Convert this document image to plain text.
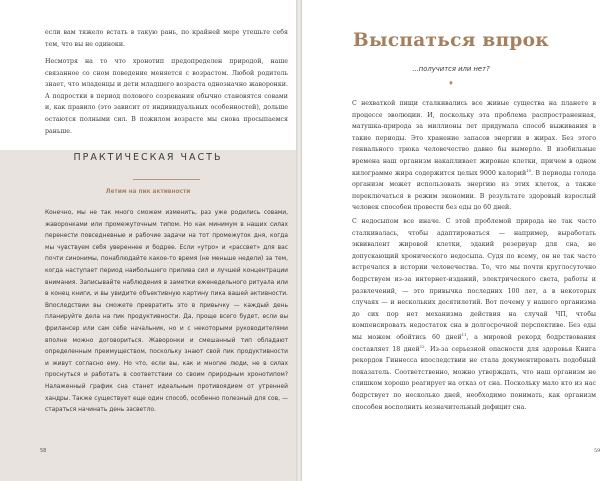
если вам тяжело встать в такую рань, по крайней мере утешьте себя тем, что вы не одиноки.

Несмотря на то что хронотип предопределен природой, наше связанное со сном поведение меняется с возрастом. Любой родитель знает, что младенцы и дети младшего возраста однозначно жаворонки. А подростки в период полового созревания обычно становятся совами и, как правило (это зависит от индивидуальных особенностей), дольше остаются полными сил. В пожилом возрасте мы снова просыпаемся раньше.

ПРАКТИЧЕСКАЯ ЧАСТЬ
Летим на пик активности

Конечно, мы не так много сможем изменить, раз уже родились совами, жаворонками или промежуточным типом. Но как минимум в наших силах перенести повседневные и рабочие задачи на тот промежуток дня, когда мы чувствуем себя увереннее и бодрее. Если «утро» и «рассвет» для вас почти синонимы, понаблюдайте какое-то время (не меньше недели) за тем, когда наступает период наибольшего прилива сил и лучшей концентрации внимания. Записывайте наблюдения в заметки еженедельного ритуала или в конец книги, и вы увидите объективную картину пика вашей активности. Впоследствии вы сможете превратить это в привычку — каждый день планируйте дела на пик продуктивности. Да, проще всего будет, если вы фрилансер или сам себе начальник, но и с некоторыми руководителями вполне можно договориться. Жаворонки и смешанный тип обладают определенным преимуществом, поскольку знают свой пик продуктивности и живут согласно ему. Но что, если вы, как и многие люди, не в силах проснуться и работать в соответствии со своим природным хронотипом? Налаженный график сна станет идеальным противоядием от утренней хандры. Также существует еще один способ, особенно полезный для сов, — стараться начинать день засветло.

58
Выспаться впрок
...получится или нет?
♦

С нехваткой пищи сталкивались все живые существа на планете в процессе эволюции. И, поскольку эта проблема распространенная, матушка-природа за миллионы лет придумала способ выживания в такие периоды. Это хранение запасов энергии в жирах. Без этого гениального трюка человечество давно бы вымерло. В изобильные времена наш организм накапливает жировые клетки, причем в одном килограмме жира содержится целых 9000 калорий$^{10}$. В периоды голода организм может использовать энергию из этих клеток, а также переключаться в режим экономии. В результате здоровый взрослый человек способен провести без еды до 60 дней.

С недосыпом все иначе. С этой проблемой природа не так часто сталкивалась, чтобы адаптироваться — например, выработать эквивалент жировой клетки, эдакий резервуар для сна, не допускающий хронического недосыпа. Судя по всему, он не так часто встречался в истории человечества. То, что мы почти круглосуточно бодрствуем из-за интернет-изданий, электрического света, работы и развлечений, — это привычка последних 100 лет, а в некоторых случаях — и нескольких десятилетий. Вот почему у нашего организма до сих пор нет механизма действия на случай ЧП, чтобы компенсировать недостаток сна в долгосрочной перспективе. Без еды мы можем обойтись 60 дней$^{11}$, а мировой рекорд бодрствования составляет 18 дней$^{12}$. Из-за серьезной опасности для здоровья Книга рекордов Гиннесса впоследствии не стала документировать подобный показатель. Соответственно, можно утверждать, что наш организм не слишком хорошо реагирует на отказ от сна. Поскольку мало кто из нас бодрствует по несколько дней, необходимо понимать, как организм способен восполнить незначительный дефицит сна.

59
